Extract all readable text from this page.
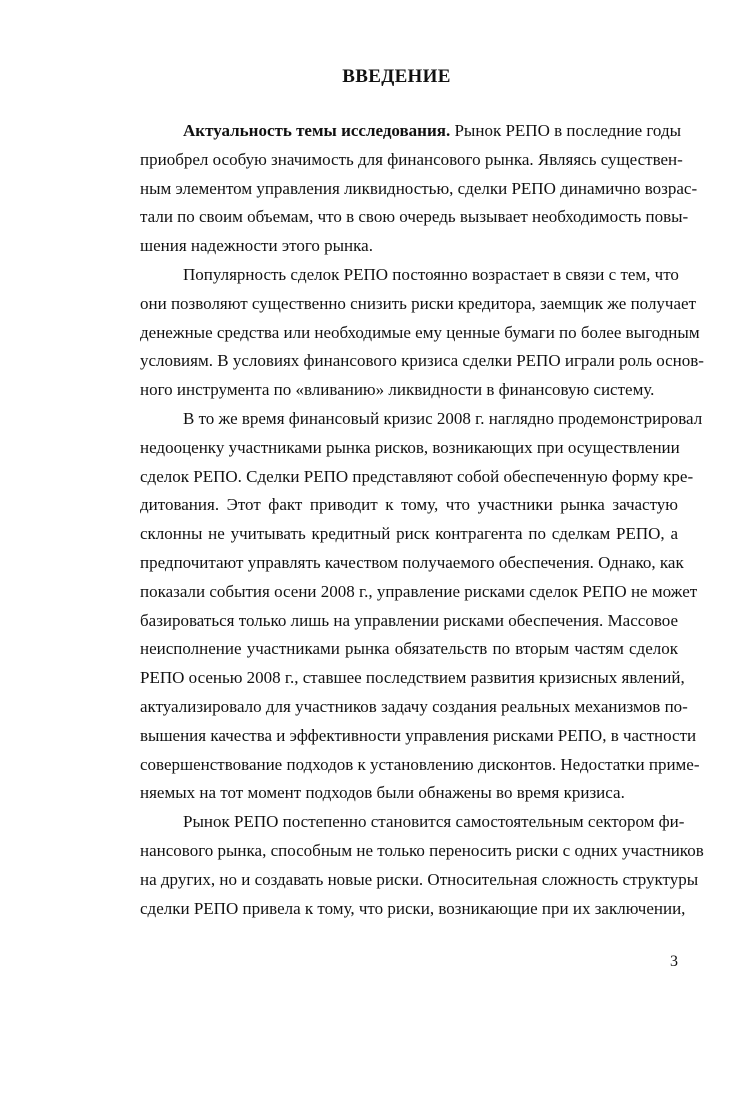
ВВЕДЕНИЕ
Актуальность темы исследования. Рынок РЕПО в последние годы
приобрел особую значимость для финансового рынка. Являясь существен-
ным элементом управления ликвидностью, сделки РЕПО динамично возрас-
тали по своим объемам, что в свою очередь вызывает необходимость повы-
шения надежности этого рынка.
Популярность сделок РЕПО постоянно возрастает в связи с тем, что
они позволяют существенно снизить риски кредитора, заемщик же получает
денежные средства или необходимые ему ценные бумаги по более выгодным
условиям. В условиях финансового кризиса сделки РЕПО играли роль основ-
ного инструмента по «вливанию» ликвидности в финансовую систему.
В то же время финансовый кризис 2008 г. наглядно продемонстрировал
недооценку участниками рынка рисков, возникающих при осуществлении
сделок РЕПО. Сделки РЕПО представляют собой обеспеченную форму кре-
дитования. Этот факт приводит к тому, что участники рынка зачастую
склонны не учитывать кредитный риск контрагента по сделкам РЕПО, а
предпочитают управлять качеством получаемого обеспечения. Однако, как
показали события осени 2008 г., управление рисками сделок РЕПО не может
базироваться только лишь на управлении рисками обеспечения. Массовое
неисполнение участниками рынка обязательств по вторым частям сделок
РЕПО осенью 2008 г., ставшее последствием развития кризисных явлений,
актуализировало для участников задачу создания реальных механизмов по-
вышения качества и эффективности управления рисками РЕПО, в частности
совершенствование подходов к установлению дисконтов. Недостатки приме-
няемых на тот момент подходов были обнажены во время кризиса.
Рынок РЕПО постепенно становится самостоятельным сектором фи-
нансового рынка, способным не только переносить риски с одних участников
на других, но и создавать новые риски. Относительная сложность структуры
сделки РЕПО привела к тому, что риски, возникающие при их заключении,
3
